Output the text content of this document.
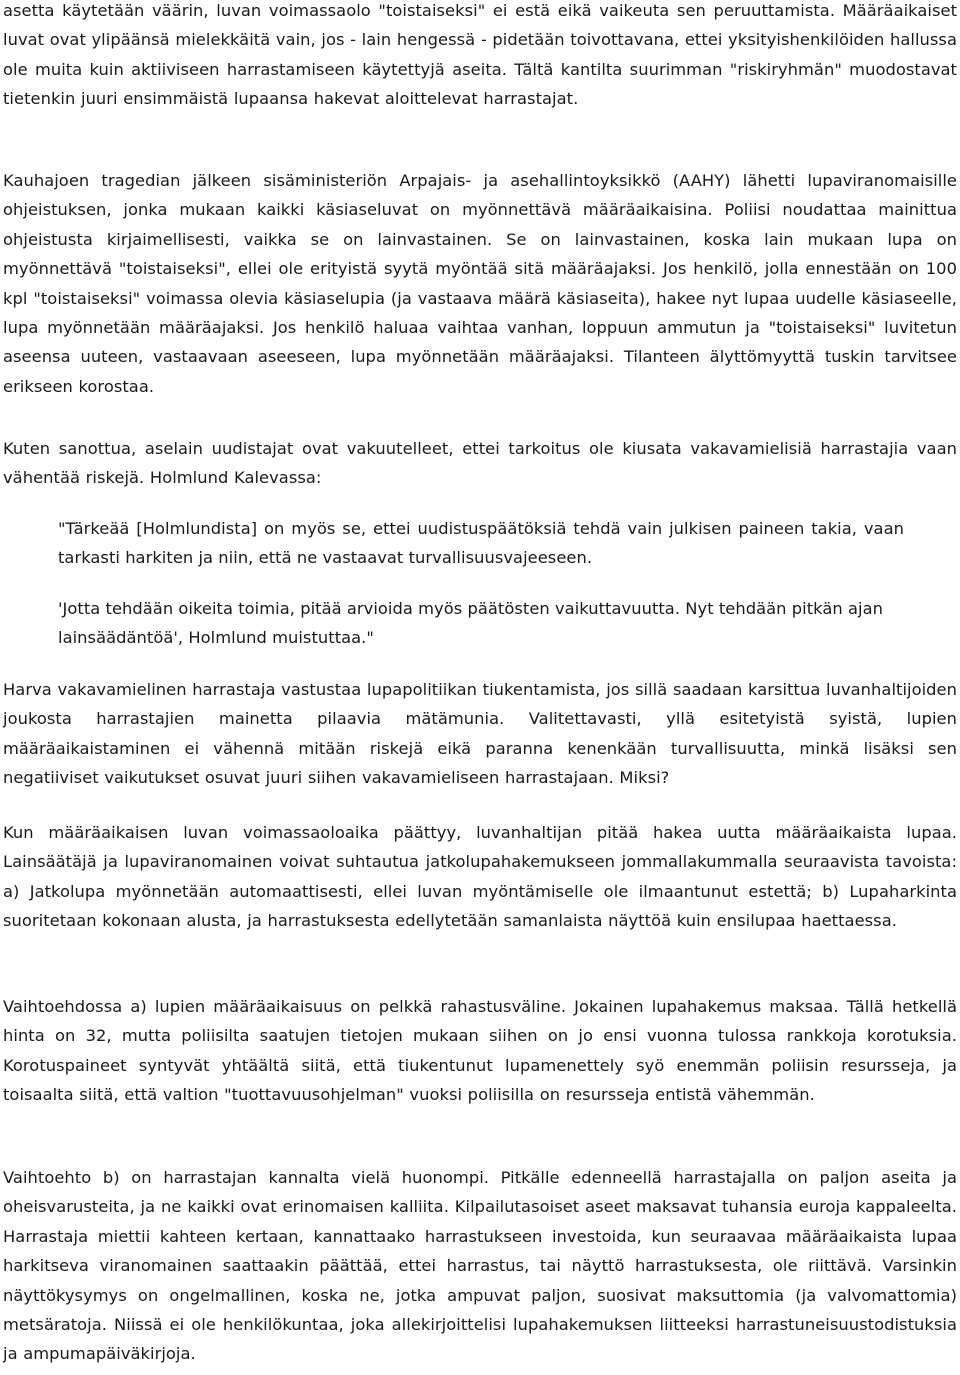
asetta käytetään väärin, luvan voimassaolo "toistaiseksi" ei estä eikä vaikeuta sen peruuttamista. Määräaikaiset luvat ovat ylipäänsä mielekkäitä vain, jos - lain hengessä - pidetään toivottavana, ettei yksityishenkilöiden hallussa ole muita kuin aktiiviseen harrastamiseen käytettyjä aseita. Tältä kantilta suurimman "riskiryhmän" muodostavat tietenkin juuri ensimmäistä lupaansa hakevat aloittelevat harrastajat.

Kauhajoen tragedian jälkeen sisäministeriön Arpajais- ja asehallintoyksikkö (AAHY) lähetti lupaviranomaisille ohjeistuksen, jonka mukaan kaikki käsiaseluvat on myönnettävä määräaikaisina. Poliisi noudattaa mainittua ohjeistusta kirjaimellisesti, vaikka se on lainvastainen. Se on lainvastainen, koska lain mukaan lupa on myönnettävä "toistaiseksi", ellei ole erityistä syytä myöntää sitä määräajaksi. Jos henkilö, jolla ennestään on 100 kpl "toistaiseksi" voimassa olevia käsiaselupia (ja vastaava määrä käsiaseita), hakee nyt lupaa uudelle käsiaseelle, lupa myönnetään määräajaksi. Jos henkilö haluaa vaihtaa vanhan, loppuun ammutun ja "toistaiseksi" luvitetun aseensa uuteen, vastaavaan aseeseen, lupa myönnetään määräajaksi. Tilanteen älyttömyyttä tuskin tarvitsee erikseen korostaa.

Kuten sanottua, aselain uudistajat ovat vakuutelleet, ettei tarkoitus ole kiusata vakavamielisiä harrastajia vaan vähentää riskejä. Holmlund Kalevassa:

"Tärkeää [Holmlundista] on myös se, ettei uudistuspäätöksiä tehdä vain julkisen paineen takia, vaan tarkasti harkiten ja niin, että ne vastaavat turvallisuusvajeeseen.

'Jotta tehdään oikeita toimia, pitää arvioida myös päätösten vaikuttavuutta. Nyt tehdään pitkän ajan lainsäädäntöä', Holmlund muistuttaa."

Harva vakavamielinen harrastaja vastustaa lupapolitiikan tiukentamista, jos sillä saadaan karsittua luvanhaltijoiden joukosta harrastajien mainetta pilaavia mätämunia. Valitettavasti, yllä esitetyistä syistä, lupien määräaikaistaminen ei vähennä mitään riskejä eikä paranna kenenkään turvallisuutta, minkä lisäksi sen negatiiviset vaikutukset osuvat juuri siihen vakavamieliseen harrastajaan. Miksi?

Kun määräaikaisen luvan voimassaoloaika päättyy, luvanhaltijan pitää hakea uutta määräaikaista lupaa. Lainsäätäjä ja lupaviranomainen voivat suhtautua jatkolupahakemukseen jommallakummalla seuraavista tavoista: a) Jatkolupa myönnetään automaattisesti, ellei luvan myöntämiselle ole ilmaantunut estettä; b) Lupaharkinta suoritetaan kokonaan alusta, ja harrastuksesta edellytetään samanlaista näyttöä kuin ensilupaa haettaessa.

Vaihtoehdossa a) lupien määräaikaisuus on pelkkä rahastusväline. Jokainen lupahakemus maksaa. Tällä hetkellä hinta on 32, mutta poliisilta saatujen tietojen mukaan siihen on jo ensi vuonna tulossa rankkoja korotuksia. Korotuspaineet syntyvät yhtäältä siitä, että tiukentunut lupamenettely syö enemmän poliisin resursseja, ja toisaalta siitä, että valtion "tuottavuusohjelman" vuoksi poliisilla on resursseja entistä vähemmän.

Vaihtoehto b) on harrastajan kannalta vielä huonompi. Pitkälle edenneellä harrastajalla on paljon aseita ja oheisvarusteita, ja ne kaikki ovat erinomaisen kalliita. Kilpailutasoiset aseet maksavat tuhansia euroja kappaleelta. Harrastaja miettii kahteen kertaan, kannattaako harrastukseen investoida, kun seuraavaa määräaikaista lupaa harkitseva viranomainen saattaakin päättää, ettei harrastus, tai näyttö harrastuksesta, ole riittävä. Varsinkin näyttökysymys on ongelmallinen, koska ne, jotka ampuvat paljon, suosivat maksuttomia (ja valvomattomia) metsäratoja. Niissä ei ole henkilökuntaa, joka allekirjoittelisi lupahakemuksen liitteeksi harrastuneisuustodistuksia ja ampumapäiväkirjoja.
